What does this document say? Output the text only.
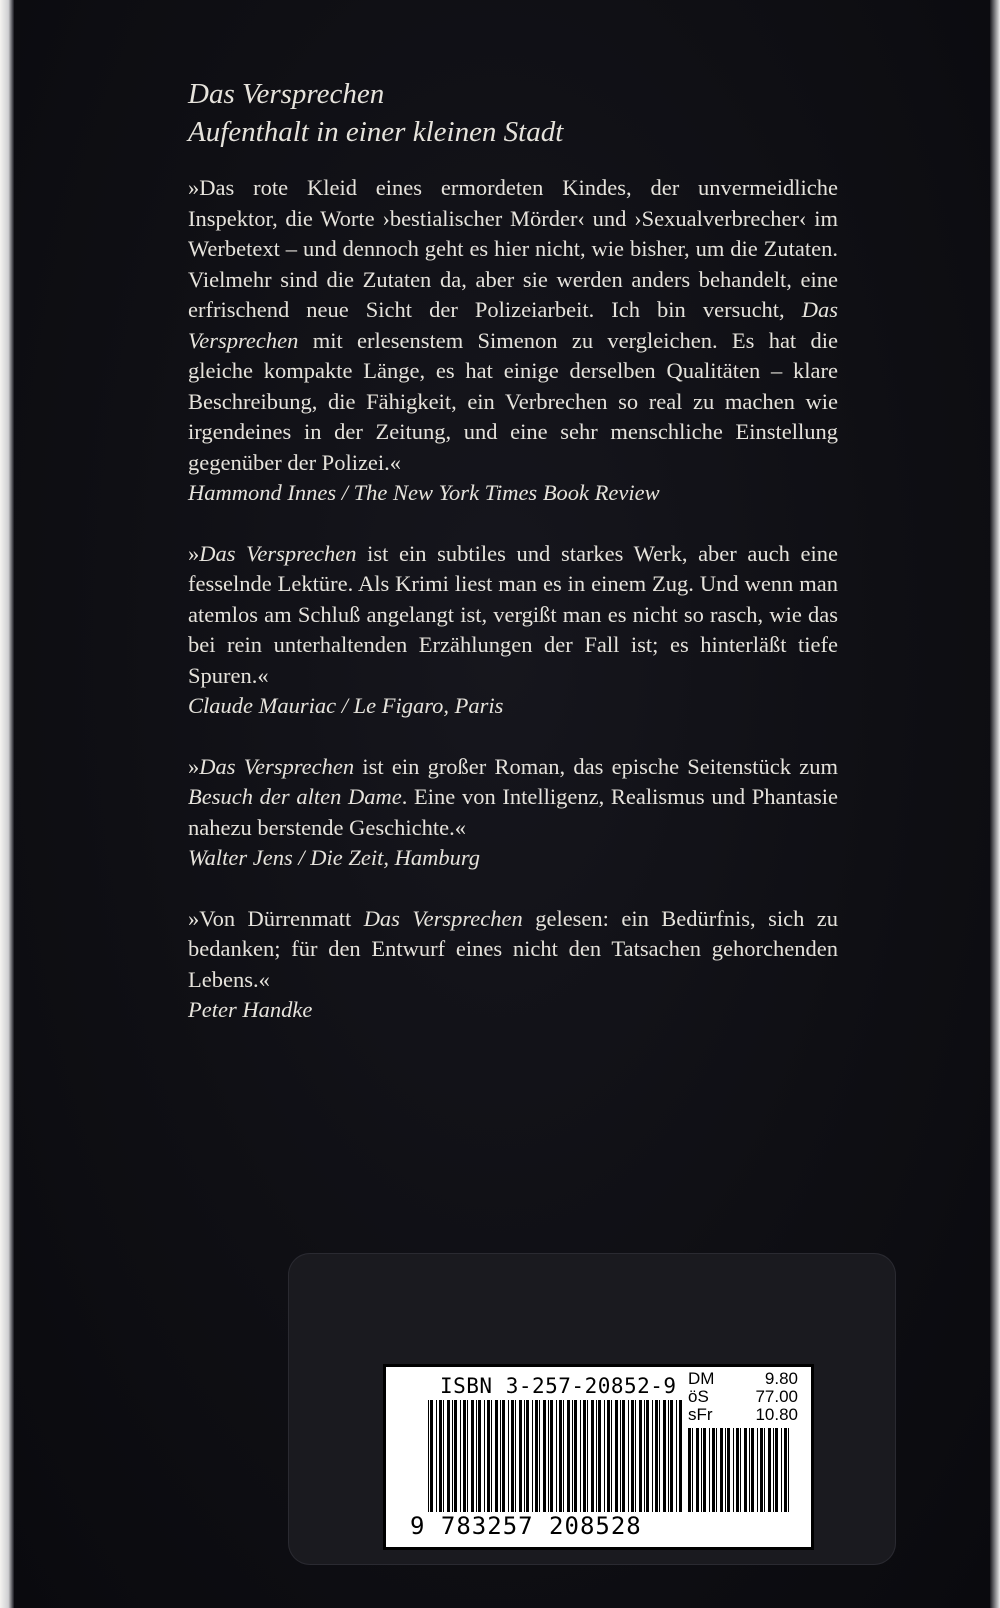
Das Versprechen

Aufenthalt in einer kleinen Stadt

»Das rote Kleid eines ermordeten Kindes, der unvermeidliche Inspektor, die Worte ›bestialischer Mörder‹ und ›Sexualverbrecher‹ im Werbetext – und dennoch geht es hier nicht, wie bisher, um die Zutaten. Vielmehr sind die Zutaten da, aber sie werden anders behandelt, eine erfrischend neue Sicht der Polizeiarbeit. Ich bin versucht, Das Versprechen mit erlesenstem Simenon zu vergleichen. Es hat die gleiche kompakte Länge, es hat einige derselben Qualitäten – klare Beschreibung, die Fähigkeit, ein Verbrechen so real zu machen wie irgendeines in der Zeitung, und eine sehr menschliche Einstellung gegenüber der Polizei.«

Hammond Innes / The New York Times Book Review

»Das Versprechen ist ein subtiles und starkes Werk, aber auch eine fesselnde Lektüre. Als Krimi liest man es in einem Zug. Und wenn man atemlos am Schluß angelangt ist, vergißt man es nicht so rasch, wie das bei rein unterhaltenden Erzählungen der Fall ist; es hinterläßt tiefe Spuren.«

Claude Mauriac / Le Figaro, Paris

»Das Versprechen ist ein großer Roman, das epische Seitenstück zum Besuch der alten Dame. Eine von Intelligenz, Realismus und Phantasie nahezu berstende Geschichte.«

Walter Jens / Die Zeit, Hamburg

»Von Dürrenmatt Das Versprechen gelesen: ein Bedürfnis, sich zu bedanken; für den Entwurf eines nicht den Tatsachen gehorchenden Lebens.«

Peter Handke

ISBN 3-257-20852-9 DM	9.80
öS	77.00
sFr	10.80
9 783257 208528
